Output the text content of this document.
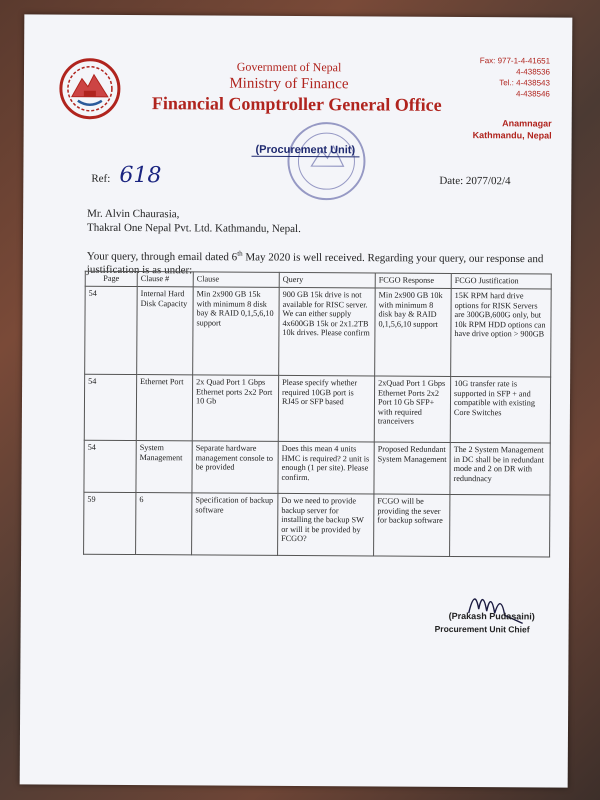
Government of Nepal
Ministry of Finance
Financial Comptroller General Office
Fax: 977-1-4-41651
4-438536
Tel.: 4-438543
4-438546
Anamnagar
Kathmandu, Nepal
(Procurement Unit)
Ref: 618	Date: 2077/02/4
Mr. Alvin Chaurasia,
Thakral One Nepal Pvt. Ltd. Kathmandu, Nepal.
Your query, through email dated 6th May 2020 is well received. Regarding your query, our response and justification is as under:
Page	Clause #	Clause	Query	FCGO Response	FCGO Justification
54	Internal Hard Disk Capacity	Min 2x900 GB 15k with minimum 8 disk bay & RAID 0,1,5,6,10 support	900 GB 15k drive is not available for RISC server. We can either supply 4x600GB 15k or 2x1.2TB 10k drives. Please confirm	Min 2x900 GB 10k with minimum 8 disk bay & RAID 0,1,5,6,10 support	15K RPM hard drive options for RISK Servers are 300GB,600G only, but 10k RPM HDD options can have drive option > 900GB
54	Ethernet Port	2x Quad Port 1 Gbps Ethernet ports 2x2 Port 10 Gb	Please specify whether required 10GB port is RJ45 or SFP based	2xQuad Port 1 Gbps Ethernet Ports 2x2 Port 10 Gb SFP+ with required tranceivers	10G transfer rate is supported in SFP + and compatible with existing Core Switches
54	System Management	Separate hardware management console to be provided	Does this mean 4 units HMC is required? 2 unit is enough (1 per site). Please confirm.	Proposed Redundant System Management	The 2 System Management in DC shall be in redundant mode and 2 on DR with redundnacy
59	6	Specification of backup software	Do we need to provide backup server for installing the backup SW or will it be provided by FCGO?	FCGO will be providing the sever for backup software	
(Prakash Pudasaini)
Procurement Unit Chief
